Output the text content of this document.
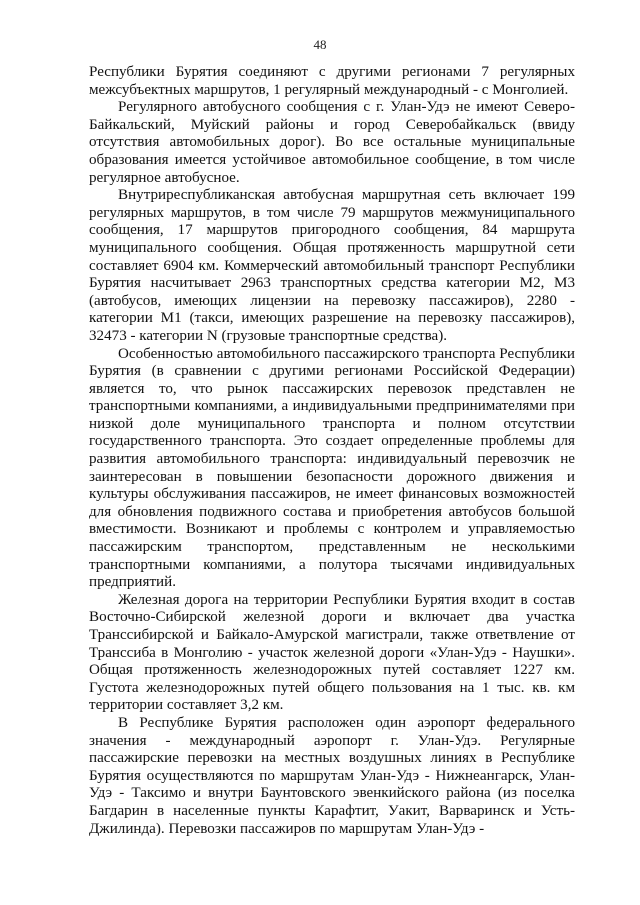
48

Республики Бурятия соединяют с другими регионами 7 регулярных межсубъектных маршрутов, 1 регулярный международный - с Монголией.

Регулярного автобусного сообщения с г. Улан-Удэ не имеют Северо-Байкальский, Муйский районы и город Северобайкальск (ввиду отсутствия автомобильных дорог). Во все остальные муниципальные образования имеется устойчивое автомобильное сообщение, в том числе регулярное автобусное.

Внутриреспубликанская автобусная маршрутная сеть включает 199 регулярных маршрутов, в том числе 79 маршрутов межмуниципального сообщения, 17 маршрутов пригородного сообщения, 84 маршрута муниципального сообщения. Общая протяженность маршрутной сети составляет 6904 км. Коммерческий автомобильный транспорт Республики Бурятия насчитывает 2963 транспортных средства категории М2, М3 (автобусов, имеющих лицензии на перевозку пассажиров), 2280 - категории М1 (такси, имеющих разрешение на перевозку пассажиров), 32473 - категории N (грузовые транспортные средства).

Особенностью автомобильного пассажирского транспорта Республики Бурятия (в сравнении с другими регионами Российской Федерации) является то, что рынок пассажирских перевозок представлен не транспортными компаниями, а индивидуальными предпринимателями при низкой доле муниципального транспорта и полном отсутствии государственного транспорта. Это создает определенные проблемы для развития автомобильного транспорта: индивидуальный перевозчик не заинтересован в повышении безопасности дорожного движения и культуры обслуживания пассажиров, не имеет финансовых возможностей для обновления подвижного состава и приобретения автобусов большой вместимости. Возникают и проблемы с контролем и управляемостью пассажирским транспортом, представленным не несколькими транспортными компаниями, а полутора тысячами индивидуальных предприятий.

Железная дорога на территории Республики Бурятия входит в состав Восточно-Сибирской железной дороги и включает два участка Транссибирской и Байкало-Амурской магистрали, также ответвление от Транссиба в Монголию - участок железной дороги «Улан-Удэ - Наушки». Общая протяженность железнодорожных путей составляет 1227 км. Густота железнодорожных путей общего пользования на 1 тыс. кв. км территории составляет 3,2 км.

В Республике Бурятия расположен один аэропорт федерального значения - международный аэропорт г. Улан-Удэ. Регулярные пассажирские перевозки на местных воздушных линиях в Республике Бурятия осуществляются по маршрутам Улан-Удэ - Нижнеангарск, Улан-Удэ - Таксимо и внутри Баунтовского эвенкийского района (из поселка Багдарин в населенные пункты Карафтит, Уакит, Варваринск и Усть-Джилинда). Перевозки пассажиров по маршрутам Улан-Удэ -
